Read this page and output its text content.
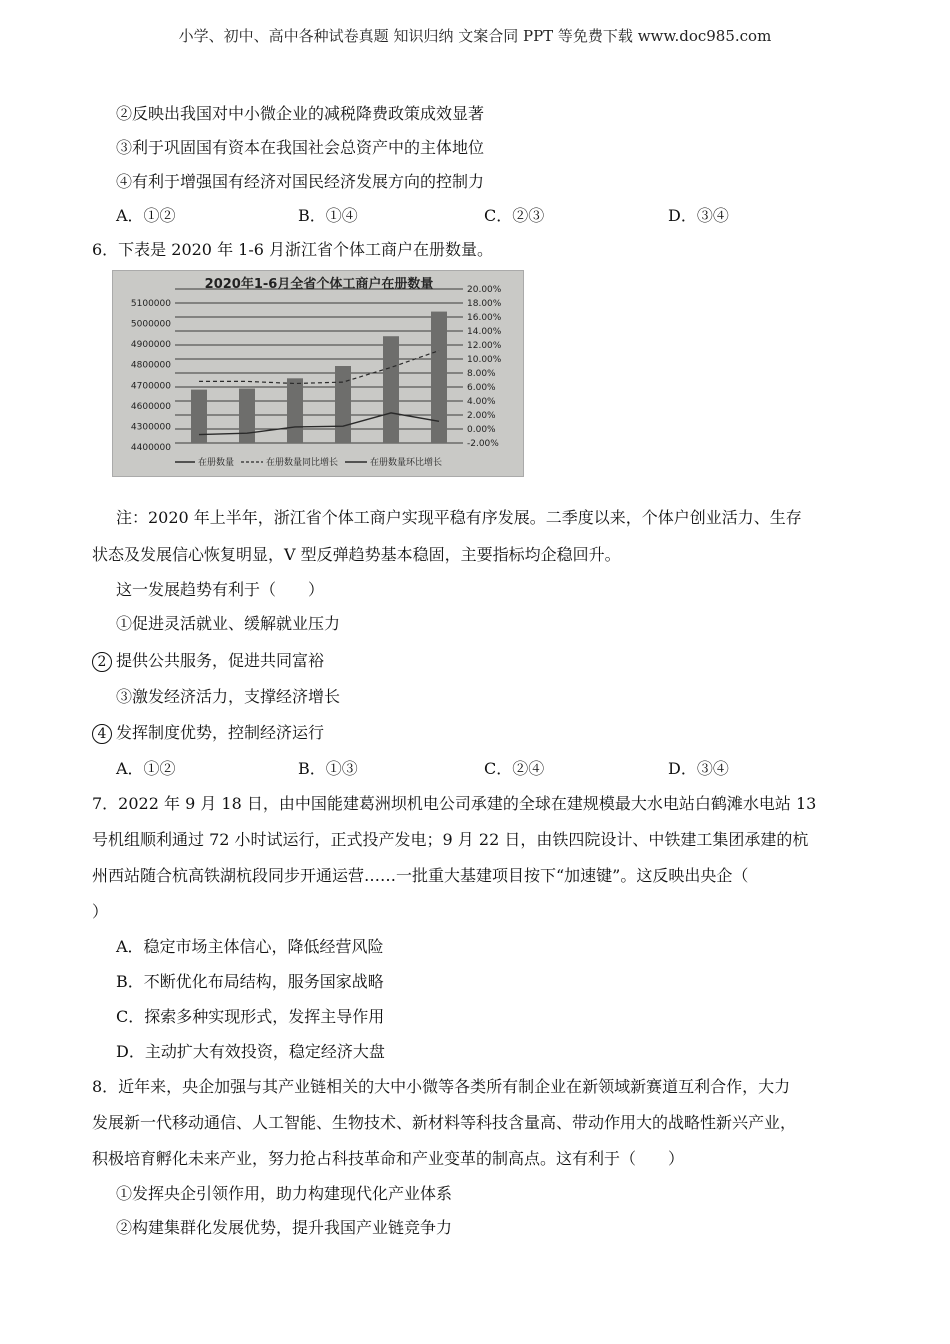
小学、初中、高中各种试卷真题 知识归纳 文案合同 PPT 等免费下载 www.doc985.com
②反映出我国对中小微企业的减税降费政策成效显著
③利于巩固国有资本在我国社会总资产中的主体地位
④有利于增强国有经济对国民经济发展方向的控制力
A．①②	B．①④	C．②③	D．③④
6．下表是 2020 年 1-6 月浙江省个体工商户在册数量。
2020年1-6月全省个体工商户在册数量	20.00%
18.00%
16.00%
14.00%
12.00%
10.00%
8.00%
6.00%
4.00%
2.00%
0.00%
-2.00%
5100000
5000000
4900000
4800000
4700000
4600000
4300000
4400000
在册数量	在册数量同比增长	在册数量环比增长
注：2020 年上半年，浙江省个体工商户实现平稳有序发展。二季度以来，个体户创业活力、生存
状态及发展信心恢复明显，V 型反弹趋势基本稳固，主要指标均企稳回升。
这一发展趋势有利于（　　）
①促进灵活就业、缓解就业压力
2 提供公共服务，促进共同富裕
③激发经济活力，支撑经济增长
4 发挥制度优势，控制经济运行
A．①②	B．①③	C．②④	D．③④
7．2022 年 9 月 18 日，由中国能建葛洲坝机电公司承建的全球在建规模最大水电站白鹤滩水电站 13
号机组顺利通过 72 小时试运行，正式投产发电；9 月 22 日，由铁四院设计、中铁建工集团承建的杭
州西站随合杭高铁湖杭段同步开通运营……一批重大基建项目按下“加速键”。这反映出央企（
）
A．稳定市场主体信心，降低经营风险
B．不断优化布局结构，服务国家战略
C．探索多种实现形式，发挥主导作用
D．主动扩大有效投资，稳定经济大盘
8．近年来，央企加强与其产业链相关的大中小微等各类所有制企业在新领域新赛道互利合作，大力
发展新一代移动通信、人工智能、生物技术、新材料等科技含量高、带动作用大的战略性新兴产业，
积极培育孵化未来产业，努力抢占科技革命和产业变革的制高点。这有利于（　　）
①发挥央企引领作用，助力构建现代化产业体系
②构建集群化发展优势，提升我国产业链竞争力
